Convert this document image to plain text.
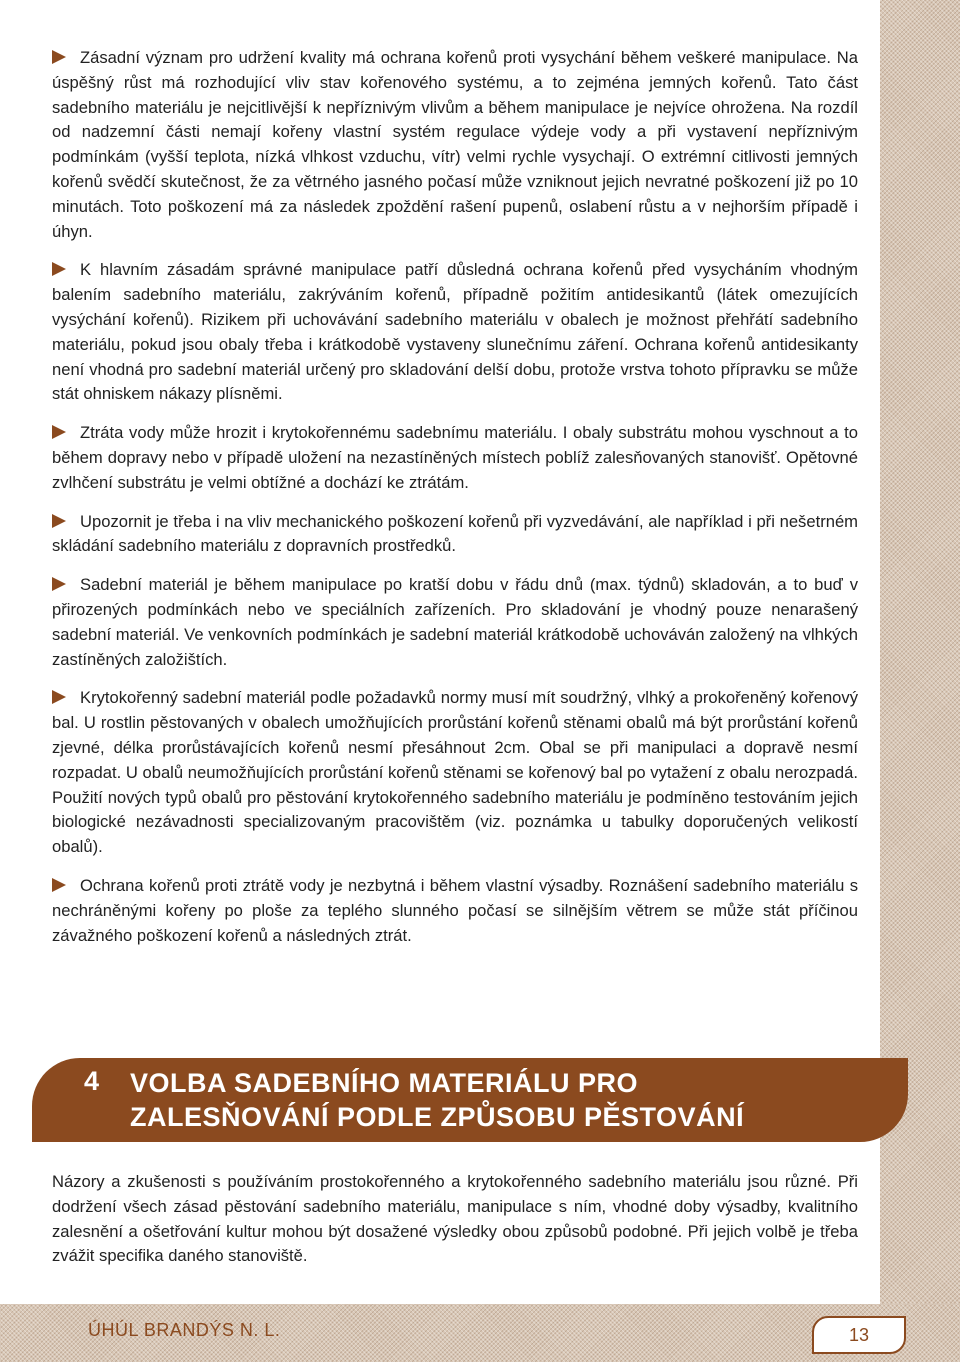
Zásadní význam pro udržení kvality má ochrana kořenů proti vysychání během veškeré manipulace. Na úspěšný růst má rozhodující vliv stav kořenového systému, a to zejména jemných kořenů. Tato část sadebního materiálu je nejcitlivější k nepříznivým vlivům a během manipulace je nejvíce ohrožena. Na rozdíl od nadzemní části nemají kořeny vlastní systém regulace výdeje vody a při vystavení nepříznivým podmínkám (vyšší teplota, nízká vlhkost vzduchu, vítr) velmi rychle vysychají. O extrémní citlivosti jemných kořenů svědčí skutečnost, že za větrného jasného počasí může vzniknout jejich nevratné poškození již po 10 minutách. Toto poškození má za následek zpoždění rašení pupenů, oslabení růstu a v nejhorším případě i úhyn.

K hlavním zásadám správné manipulace patří důsledná ochrana kořenů před vysycháním vhodným balením sadebního materiálu, zakrýváním kořenů, případně požitím antidesikantů (látek omezujících vysýchání kořenů). Rizikem při uchovávání sadebního materiálu v obalech je možnost přehřátí sadebního materiálu, pokud jsou obaly třeba i krátkodobě vystaveny slunečnímu záření. Ochrana kořenů antidesikanty není vhodná pro sadební materiál určený pro skladování delší dobu, protože vrstva tohoto přípravku se může stát ohniskem nákazy plísněmi.

Ztráta vody může hrozit i krytokořennému sadebnímu materiálu. I obaly substrátu mohou vyschnout a to během dopravy nebo v případě uložení na nezastíněných místech poblíž zalesňovaných stanovišť. Opětovné zvlhčení substrátu je velmi obtížné a dochází ke ztrátám.

Upozornit je třeba i na vliv mechanického poškození kořenů při vyzvedávání, ale například i při nešetrném skládání sadebního materiálu z dopravních prostředků.

Sadební materiál je během manipulace po kratší dobu v řádu dnů (max. týdnů) skladován, a to buď v přirozených podmínkách nebo ve speciálních zařízeních. Pro skladování je vhodný pouze nenarašený sadební materiál. Ve venkovních podmínkách je sadební materiál krátkodobě uchováván založený na vlhkých zastíněných založištích.

Krytokořenný sadební materiál podle požadavků normy musí mít soudržný, vlhký a prokořeněný kořenový bal. U rostlin pěstovaných v obalech umožňujících prorůstání kořenů stěnami obalů má být prorůstání kořenů zjevné, délka prorůstávajících kořenů nesmí přesáhnout 2cm. Obal se při manipulaci a dopravě nesmí rozpadat. U obalů neumožňujících prorůstání kořenů stěnami se kořenový bal po vytažení z obalu nerozpadá. Použití nových typů obalů pro pěstování krytokořenného sadebního materiálu je podmíněno testováním jejich biologické nezávadnosti specializovaným pracovištěm (viz. poznámka u tabulky doporučených velikostí obalů).

Ochrana kořenů proti ztrátě vody je nezbytná i během vlastní výsadby. Roznášení sadebního materiálu s nechráněnými kořeny po ploše za teplého slunného počasí se silnějším větrem se může stát příčinou závažného poškození kořenů a následných ztrát.

4 VOLBA SADEBNÍHO MATERIÁLU PRO
ZALESŇOVÁNÍ PODLE ZPŮSOBU PĚSTOVÁNÍ
Názory a zkušenosti s používáním prostokořenného a krytokořenného sadebního materiálu jsou různé. Při dodržení všech zásad pěstování sadebního materiálu, manipulace s ním, vhodné doby výsadby, kvalitního zalesnění a ošetřování kultur mohou být dosažené výsledky obou způsobů podobné. Při jejich volbě je třeba zvážit specifika daného stanoviště.
ÚHÚL BRANDÝS N. L.	13
